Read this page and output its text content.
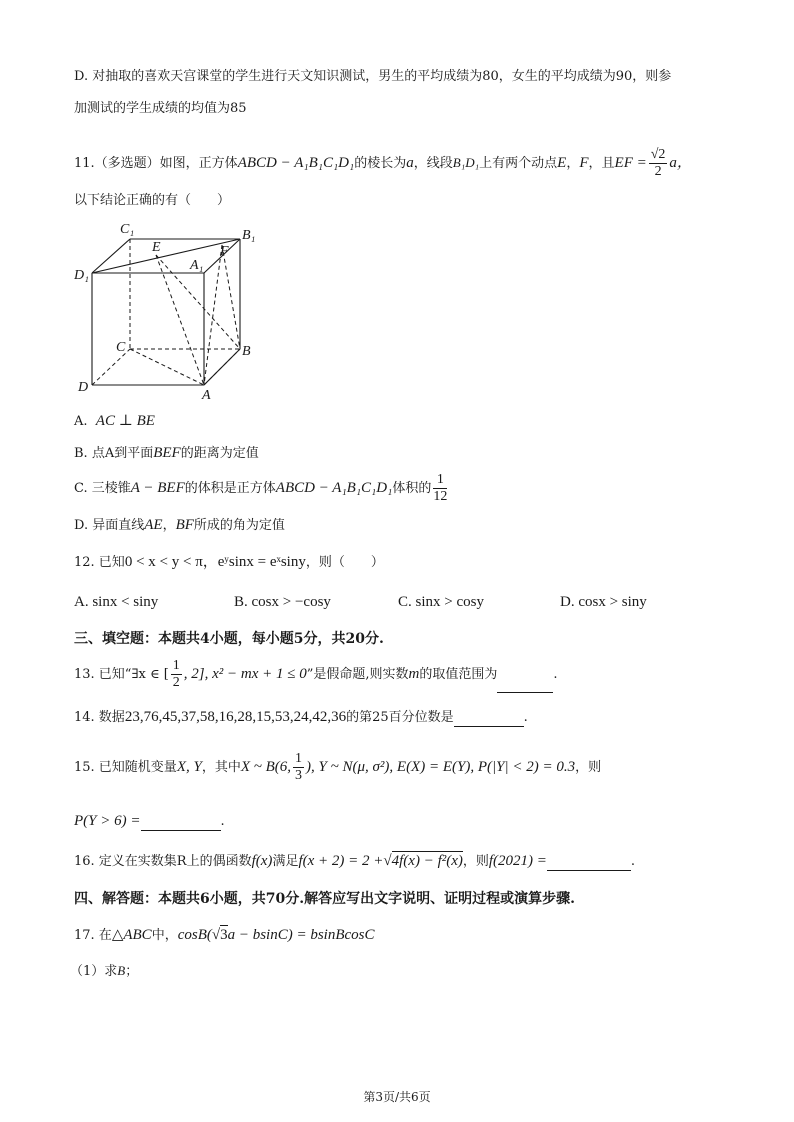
D. 对抽取的喜欢天宫课堂的学生进行天文知识测试，男生的平均成绩为80，女生的平均成绩为90，则参
加测试的学生成绩的均值为85
11.（多选题）如图，正方体ABCD − A₁B₁C₁D₁的棱长为a，线段B₁D₁上有两个动点E，F，且EF = $\frac{√2}{2}$ a，
以下结论正确的有（　　）
C₁	B₁
D₁
E
A₁
F
C	B
D
A
A. AC ⊥ BE
B. 点A到平面BEF的距离为定值
C. 三棱锥A − BEF的体积是正方体ABCD − A₁B₁C₁D₁体积的 $\frac{1}{12}$
D. 异面直线AE，BF所成的角为定值
12. 已知0 < x < y < π，eʸsinx = eˣsiny，则（　　）
A. sinx < siny	B. cosx > −cosy	C. sinx > cosy	D. cosx > siny
三、填空题：本题共4小题，每小题5分，共20分.
13. 已知“∃x ∈ [ $\frac{1}{2}$ , 2], x² − mx + 1 ≤ 0”是假命题,则实数m的取值范围为	.
14. 数据23,76,45,37,58,16,28,15,53,24,42,36的第25百分位数是	.
15. 已知随机变量X, Y，其中X ~ B(6, $\frac{1}{3}$ ), Y ~ N(μ, σ²), E(X) = E(Y), P(|Y| < 2) = 0.3，则
P(Y > 6) =	.
16. 定义在实数集R上的偶函数f(x)满足f(x + 2) = 2 +√4f(x) − f²(x)，则f(2021) =	.
四、解答题：本题共6小题，共70分.解答应写出文字说明、证明过程或演算步骤.
17. 在△ABC中，cosB(√3a − bsinC) = bsinBcosC
（1）求B；
第3页/共6页
